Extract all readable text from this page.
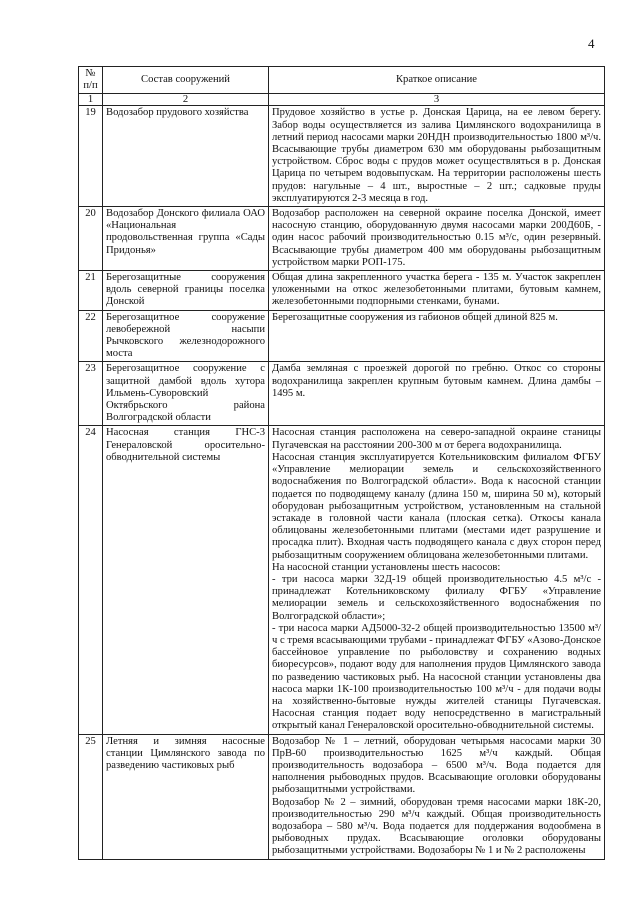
4
№ п/п	Состав сооружений	Краткое описание
1	2	3
19	Водозабор прудового хозяйства	Прудовое хозяйство в устье р. Донская Царица, на ее левом берегу. Забор воды осуществляется из залива Цимлянского водохранилища в летний период насосами марки 20НДН производительностью 1800 м³/ч. Всасывающие трубы диаметром 630 мм оборудованы рыбозащитным устройством. Сброс воды с прудов может осуществляться в р. Донская Царица по четырем водовыпускам. На территории расположены шесть прудов: нагульные – 4 шт., выростные – 2 шт.; садковые пруды эксплуатируются 2-3 месяца в год.

20	Водозабор Донского филиала ОАО «Национальная продовольственная группа «Сады Придонья»	Водозабор расположен на северной окраине поселка Донской, имеет насосную станцию, оборудованную двумя насосами марки 200Д60Б, - один насос рабочий производительностью 0.15 м³/с, один резервный. Всасывающие трубы диаметром 400 мм оборудованы рыбозащитным устройством марки РОП-175.

21	Берегозащитные сооружения вдоль северной границы поселка Донской	Общая длина закрепленного участка берега - 135 м. Участок закреплен уложенными на откос железобетонными плитами, бутовым камнем, железобетонными подпорными стенками, бунами.

22	Берегозащитное сооружение левобережной насыпи Рычковского железнодорожного моста	Берегозащитные сооружения из габионов общей длиной 825 м.

23	Берегозащитное сооружение с защитной дамбой вдоль хутора Ильмень-Суворовский Октябрьского района Волгоградской области	Дамба земляная с проезжей дорогой по гребню. Откос со стороны водохранилища закреплен крупным бутовым камнем. Длина дамбы – 1495 м.

24	Насосная станция ГНС-3 Генераловской оросительно-обводнительной системы	Насосная станция расположена на северо-западной окраине станицы Пугачевская на расстоянии 200-300 м от берега водохранилища.

Насосная станция эксплуатируется Котельниковским филиалом ФГБУ «Управление мелиорации земель и сельскохозяйственного водоснабжения по Волгоградской области». Вода к насосной станции подается по подводящему каналу (длина 150 м, ширина 50 м), который оборудован рыбозащитным устройством, установленным на стальной эстакаде в головной части канала (плоская сетка). Откосы канала облицованы железобетонными плитами (местами идет разрушение и просадка плит). Входная часть подводящего канала с двух сторон перед рыбозащитным сооружением облицована железобетонными плитами.

На насосной станции установлены шесть насосов:

- три насоса марки 32Д-19 общей производительностью 4.5 м³/с - принадлежат Котельниковскому филиалу ФГБУ «Управление мелиорации земель и сельскохозяйственного водоснабжения по Волгоградской области»;

- три насоса марки АД5000-32-2 общей производительностью 13500 м³/ч с тремя всасывающими трубами - принадлежат ФГБУ «Азово-Донское бассейновое управление по рыболовству и сохранению водных биоресурсов», подают воду для наполнения прудов Цимлянского завода по разведению частиковых рыб. На насосной станции установлены два насоса марки 1К-100 производительностью 100 м³/ч - для подачи воды на хозяйственно-бытовые нужды жителей станицы Пугачевская. Насосная станция подает воду непосредственно в магистральный открытый канал Генераловской оросительно-обводнительной системы.

25	Летняя и зимняя насосные станции Цимлянского завода по разведению частиковых рыб	Водозабор № 1 – летний, оборудован четырьмя насосами марки 30 ПрВ-60 производительностью 1625 м³/ч каждый. Общая производительность водозабора – 6500 м³/ч. Вода подается для наполнения рыбоводных прудов. Всасывающие оголовки оборудованы рыбозащитными устройствами.

Водозабор № 2 – зимний, оборудован тремя насосами марки 18К-20, производительностью 290 м³/ч каждый. Общая производительность водозабора – 580 м³/ч. Вода подается для поддержания водообмена в рыбоводных прудах. Всасывающие оголовки оборудованы рыбозащитными устройствами. Водозаборы № 1 и № 2 расположены
